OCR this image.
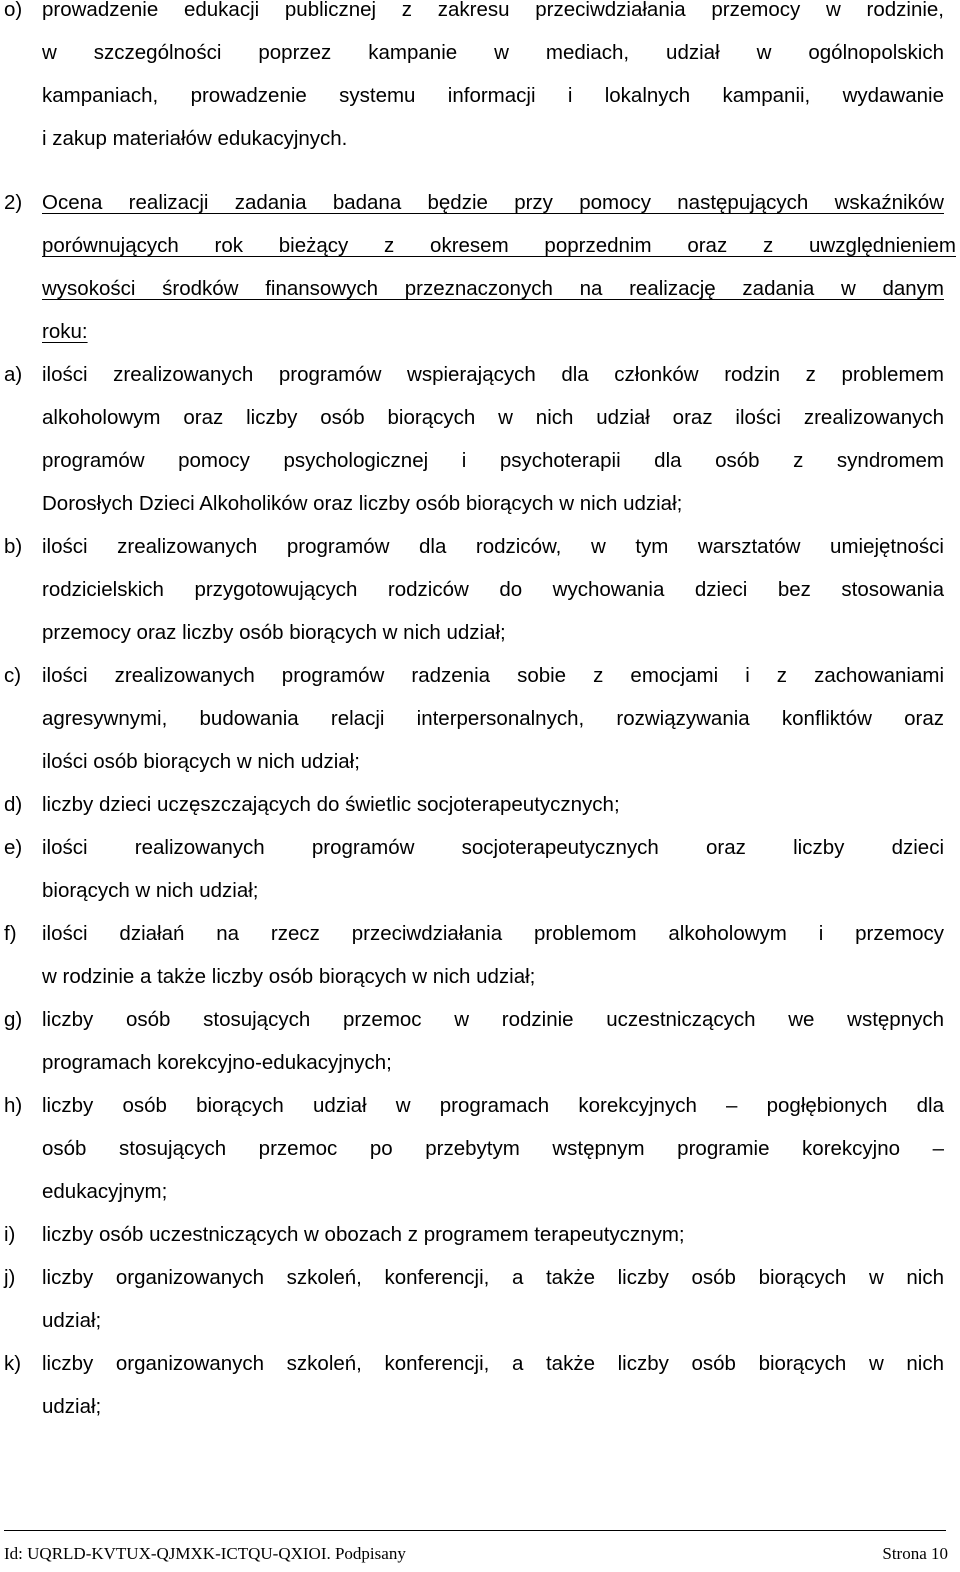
o) prowadzenie edukacji publicznej z zakresu przeciwdziałania przemocy w rodzinie,
w szczególności poprzez kampanie w mediach, udział w ogólnopolskich
kampaniach, prowadzenie systemu informacji i lokalnych kampanii, wydawanie
i zakup materiałów edukacyjnych.
2) Ocena realizacji zadania badana będzie przy pomocy następujących wskaźników
porównujących rok bieżący z okresem poprzednim oraz z uwzględnieniem
wysokości środków finansowych przeznaczonych na realizację zadania w danym
roku:
a) ilości zrealizowanych programów wspierających dla członków rodzin z problemem
alkoholowym oraz liczby osób biorących w nich udział oraz ilości zrealizowanych
programów pomocy psychologicznej i psychoterapii dla osób z syndromem
Dorosłych Dzieci Alkoholików oraz liczby osób biorących w nich udział;
b) ilości zrealizowanych programów dla rodziców, w tym warsztatów umiejętności
rodzicielskich przygotowujących rodziców do wychowania dzieci bez stosowania
przemocy oraz liczby osób biorących w nich udział;
c) ilości zrealizowanych programów radzenia sobie z emocjami i z zachowaniami
agresywnymi, budowania relacji interpersonalnych, rozwiązywania konfliktów oraz
ilości osób biorących w nich udział;
d) liczby dzieci uczęszczających do świetlic socjoterapeutycznych;
e) ilości realizowanych programów socjoterapeutycznych oraz liczby dzieci
biorących w nich udział;
f) ilości działań na rzecz przeciwdziałania problemom alkoholowym i przemocy
w rodzinie a także liczby osób biorących w nich udział;
g) liczby osób stosujących przemoc w rodzinie uczestniczących we wstępnych
programach korekcyjno-edukacyjnych;
h) liczby osób biorących udział w programach korekcyjnych – pogłębionych dla
osób stosujących przemoc po przebytym wstępnym programie korekcyjno –
edukacyjnym;
i) liczby osób uczestniczących w obozach z programem terapeutycznym;
j) liczby organizowanych szkoleń, konferencji, a także liczby osób biorących w nich
udział;
k) liczby organizowanych szkoleń, konferencji, a także liczby osób biorących w nich
udział;
Id: UQRLD-KVTUX-QJMXK-ICTQU-QXIOI. Podpisany	Strona 10
